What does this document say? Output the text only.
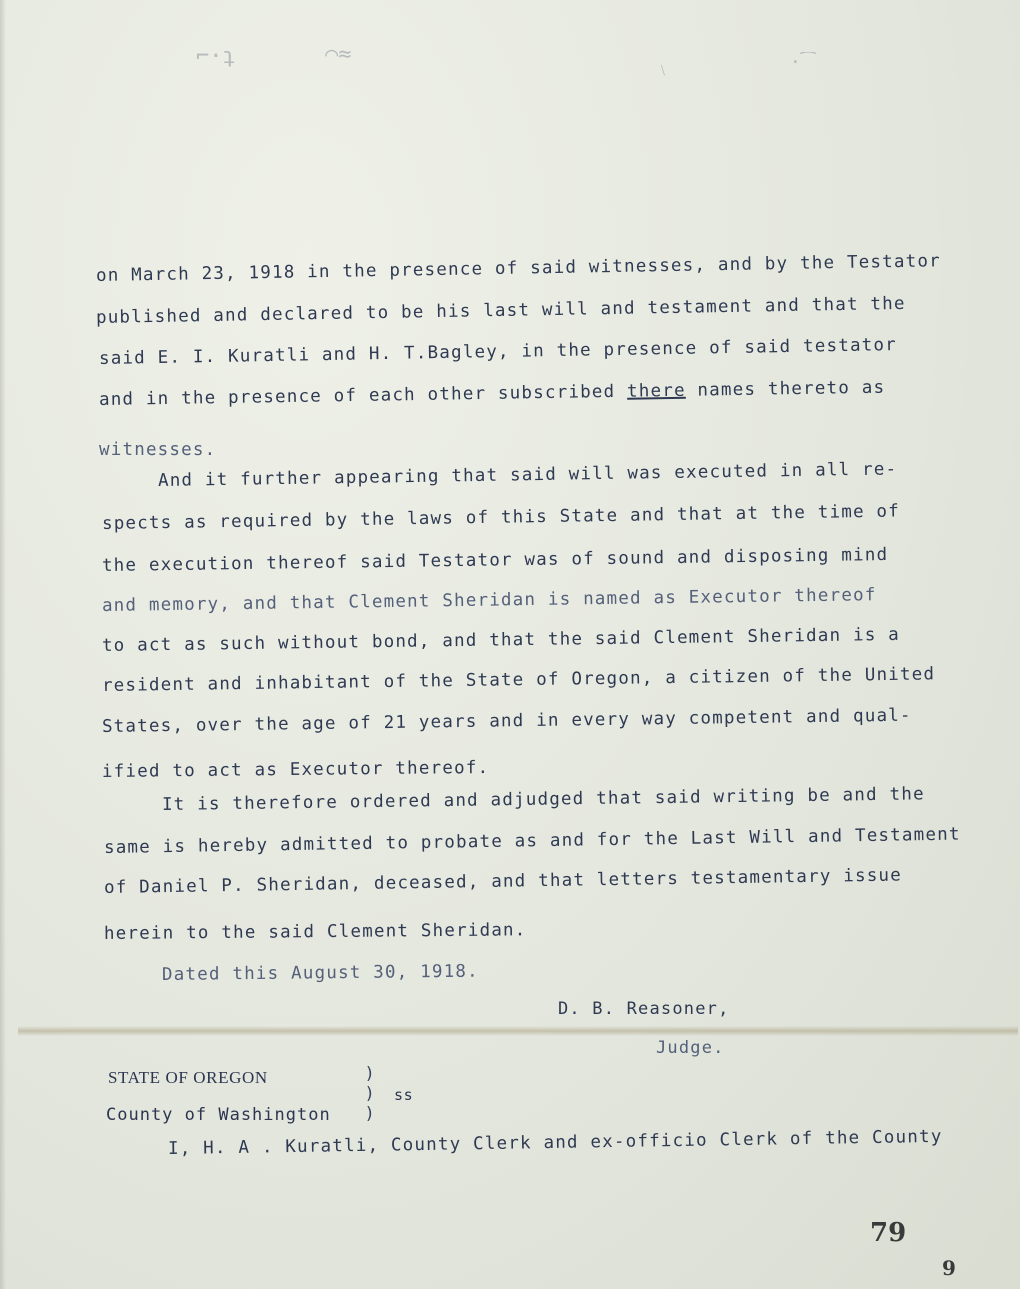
⌐·ʇ	⌒≈
﹨	·⁀
on March 23, 1918 in the presence of said witnesses, and by the Testator
published and declared to be his last will and testament and that the
said E. I. Kuratli and H. T.Bagley, in the presence of said testator
and in the presence of each other subscribed there names thereto as
witnesses.
And it further appearing that said will was executed in all re-
spects as required by the laws of this State and that at the time of
the execution thereof said Testator was of sound and disposing mind
and memory, and that Clement Sheridan is named as Executor thereof
to act as such without bond, and that the said Clement Sheridan is a
resident and inhabitant of the State of Oregon, a citizen of the United
States, over the age of 21 years and in every way competent and qual-
ified to act as Executor thereof.
It is therefore ordered and adjudged that said writing be and the
same is hereby admitted to probate as and for the Last Will and Testament
of Daniel P. Sheridan, deceased, and that letters testamentary issue
herein to the said Clement Sheridan.
Dated this August 30, 1918.
D. B. Reasoner,
Judge.
STATE OF OREGON
County of Washington
)
)
)
ss
I, H. A . Kuratli, County Clerk and ex-officio Clerk of the County
79
9
